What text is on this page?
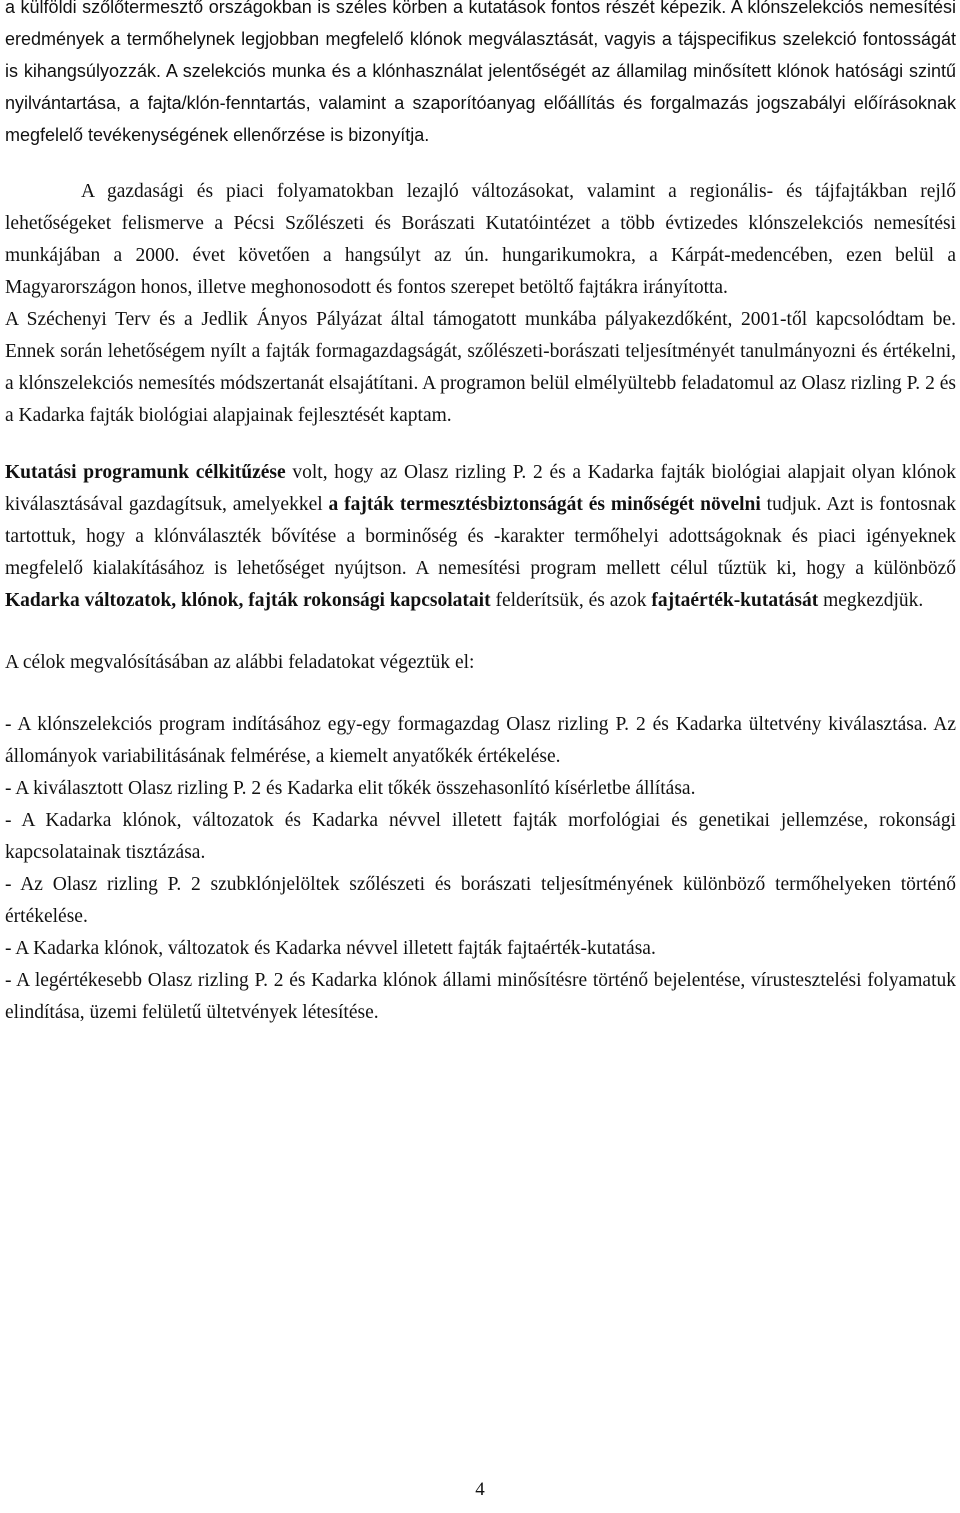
a külföldi szőlőtermesztő országokban is széles körben a kutatások fontos részét képezik. A klónszelekciós nemesítési eredmények a termőhelynek legjobban megfelelő klónok megválasztását, vagyis a tájspecifikus szelekció fontosságát is kihangsúlyozzák. A szelekciós munka és a klónhasználat jelentőségét az államilag minősített klónok hatósági szintű nyilvántartása, a fajta/klón-fenntartás, valamint a szaporítóanyag előállítás és forgalmazás jogszabályi előírásoknak megfelelő tevékenységének ellenőrzése is bizonyítja.

A gazdasági és piaci folyamatokban lezajló változásokat, valamint a regionális- és tájfajtákban rejlő lehetőségeket felismerve a Pécsi Szőlészeti és Borászati Kutatóintézet a több évtizedes klónszelekciós nemesítési munkájában a 2000. évet követően a hangsúlyt az ún. hungarikumokra, a Kárpát-medencében, ezen belül a Magyarországon honos, illetve meghonosodott és fontos szerepet betöltő fajtákra irányította.

A Széchenyi Terv és a Jedlik Ányos Pályázat által támogatott munkába pályakezdőként, 2001-től kapcsolódtam be. Ennek során lehetőségem nyílt a fajták formagazdagságát, szőlészeti-borászati teljesítményét tanulmányozni és értékelni, a klónszelekciós nemesítés módszertanát elsajátítani. A programon belül elmélyültebb feladatomul az Olasz rizling P. 2 és a Kadarka fajták biológiai alapjainak fejlesztését kaptam.

Kutatási programunk célkitűzése volt, hogy az Olasz rizling P. 2 és a Kadarka fajták biológiai alapjait olyan klónok kiválasztásával gazdagítsuk, amelyekkel a fajták termesztésbiztonságát és minőségét növelni tudjuk. Azt is fontosnak tartottuk, hogy a klónválaszték bővítése a borminőség és -karakter termőhelyi adottságoknak és piaci igényeknek megfelelő kialakításához is lehetőséget nyújtson. A nemesítési program mellett célul tűztük ki, hogy a különböző Kadarka változatok, klónok, fajták rokonsági kapcsolatait felderítsük, és azok fajtaérték-kutatását megkezdjük.

A célok megvalósításában az alábbi feladatokat végeztük el:

- A klónszelekciós program indításához egy-egy formagazdag Olasz rizling P. 2 és Kadarka ültetvény kiválasztása. Az állományok variabilitásának felmérése, a kiemelt anyatőkék értékelése.

- A kiválasztott Olasz rizling P. 2 és Kadarka elit tőkék összehasonlító kísérletbe állítása.

- A Kadarka klónok, változatok és Kadarka névvel illetett fajták morfológiai és genetikai jellemzése, rokonsági kapcsolatainak tisztázása.

- Az Olasz rizling P. 2 szubklónjelöltek szőlészeti és borászati teljesítményének különböző termőhelyeken történő értékelése.

- A Kadarka klónok, változatok és Kadarka névvel illetett fajták fajtaérték-kutatása.

- A legértékesebb Olasz rizling P. 2 és Kadarka klónok állami minősítésre történő bejelentése, vírustesztelési folyamatuk elindítása, üzemi felületű ültetvények létesítése.

4
